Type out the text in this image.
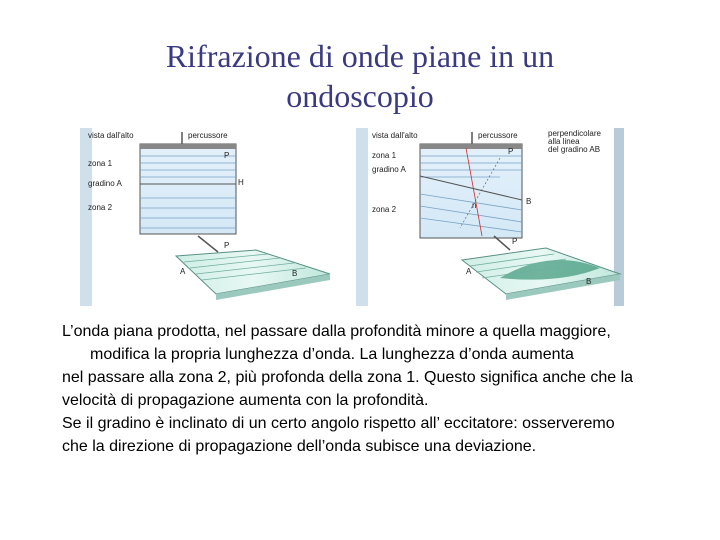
Rifrazione di onde piane in un
ondoscopio
vista dall'alto	percussore
zona 1
gradino A
zona 2
P
H
P
A	B
vista dall'alto	percussore	perpendicolare
alla linea
del gradino AB
P
B
n
zona 1
gradino A
zona 2
P
A
B

L’onda piana prodotta, nel passare dalla profondità minore a quella maggiore, modifica la propria lunghezza d’onda. La lunghezza d’onda aumenta

nel passare alla zona 2, più profonda della zona 1. Questo significa anche che la

velocità di propagazione aumenta con la profondità.

Se il gradino è inclinato di un certo angolo rispetto all’ eccitatore: osserveremo

che la direzione di propagazione dell’onda subisce una deviazione.
